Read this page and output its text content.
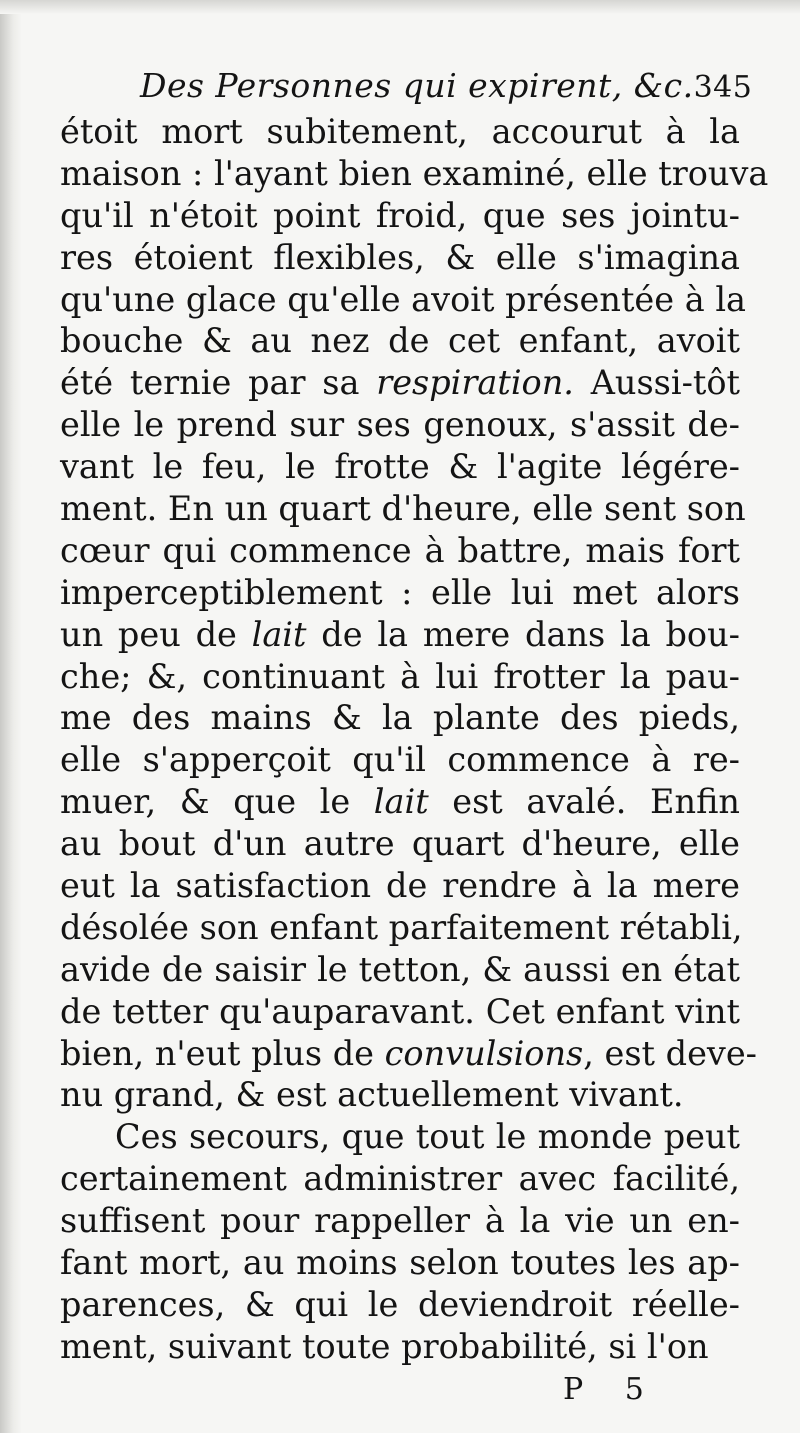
Des Personnes qui expirent, &c. 345
étoit mort subitement, accourut à la
maison : l'ayant bien examiné, elle trouva
qu'il n'étoit point froid, que ses jointu-
res étoient flexibles, & elle s'imagina
qu'une glace qu'elle avoit présentée à la
bouche & au nez de cet enfant, avoit
été ternie par sa respiration. Aussi-tôt
elle le prend sur ses genoux, s'assit de-
vant le feu, le frotte & l'agite légére-
ment. En un quart d'heure, elle sent son
cœur qui commence à battre, mais fort
imperceptiblement : elle lui met alors
un peu de lait de la mere dans la bou-
che; &, continuant à lui frotter la pau-
me des mains & la plante des pieds,
elle s'apperçoit qu'il commence à re-
muer, & que le lait est avalé. Enfin
au bout d'un autre quart d'heure, elle
eut la satisfaction de rendre à la mere
désolée son enfant parfaitement rétabli,
avide de saisir le tetton, & aussi en état
de tetter qu'auparavant. Cet enfant vint
bien, n'eut plus de convulsions, est deve-
nu grand, & est actuellement vivant.
Ces secours, que tout le monde peut
certainement administrer avec facilité,
suffisent pour rappeller à la vie un en-
fant mort, au moins selon toutes les ap-
parences, & qui le deviendroit réelle-
ment, suivant toute probabilité, si l'on
P 5
